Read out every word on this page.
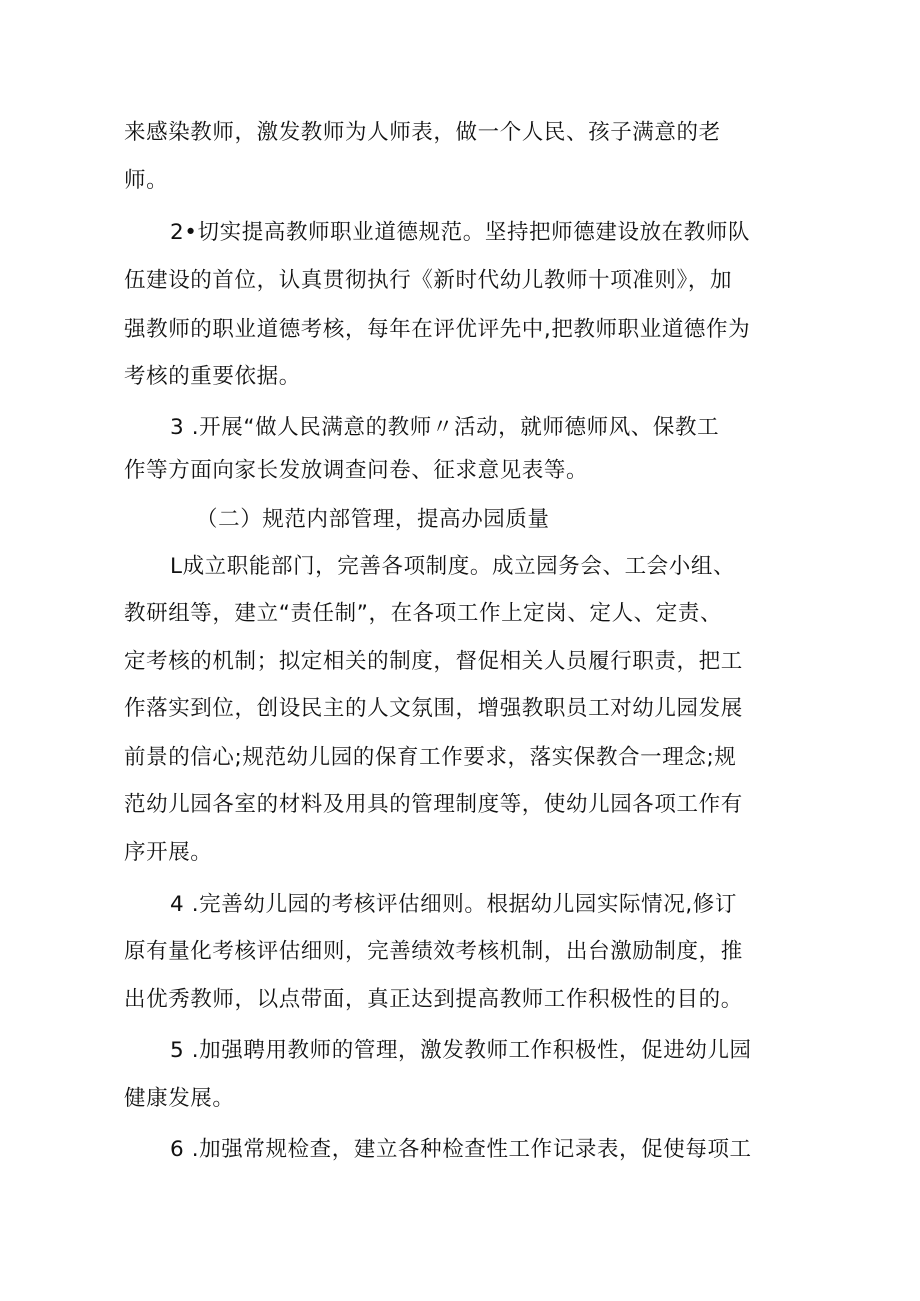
来感染教师，激发教师为人师表，做一个人民、孩子满意的老
师。
2•切实提高教师职业道德规范。坚持把师德建设放在教师队
伍建设的首位，认真贯彻执行《新时代幼儿教师十项准则》，加
强教师的职业道德考核，每年在评优评先中,把教师职业道德作为
考核的重要依据。
3 .开展“做人民满意的教师〃活动，就师德师风、保教工
作等方面向家长发放调查问卷、征求意见表等。
（二）规范内部管理，提高办园质量
L成立职能部门，完善各项制度。成立园务会、工会小组、
教研组等，建立“责任制”，在各项工作上定岗、定人、定责、
定考核的机制；拟定相关的制度，督促相关人员履行职责，把工
作落实到位，创设民主的人文氛围，增强教职员工对幼儿园发展
前景的信心;规范幼儿园的保育工作要求，落实保教合一理念;规
范幼儿园各室的材料及用具的管理制度等，使幼儿园各项工作有
序开展。
4 .完善幼儿园的考核评估细则。根据幼儿园实际情况,修订
原有量化考核评估细则，完善绩效考核机制，出台激励制度，推
出优秀教师，以点带面，真正达到提高教师工作积极性的目的。
5 .加强聘用教师的管理，激发教师工作积极性，促进幼儿园
健康发展。
6 .加强常规检查，建立各种检查性工作记录表，促使每项工
